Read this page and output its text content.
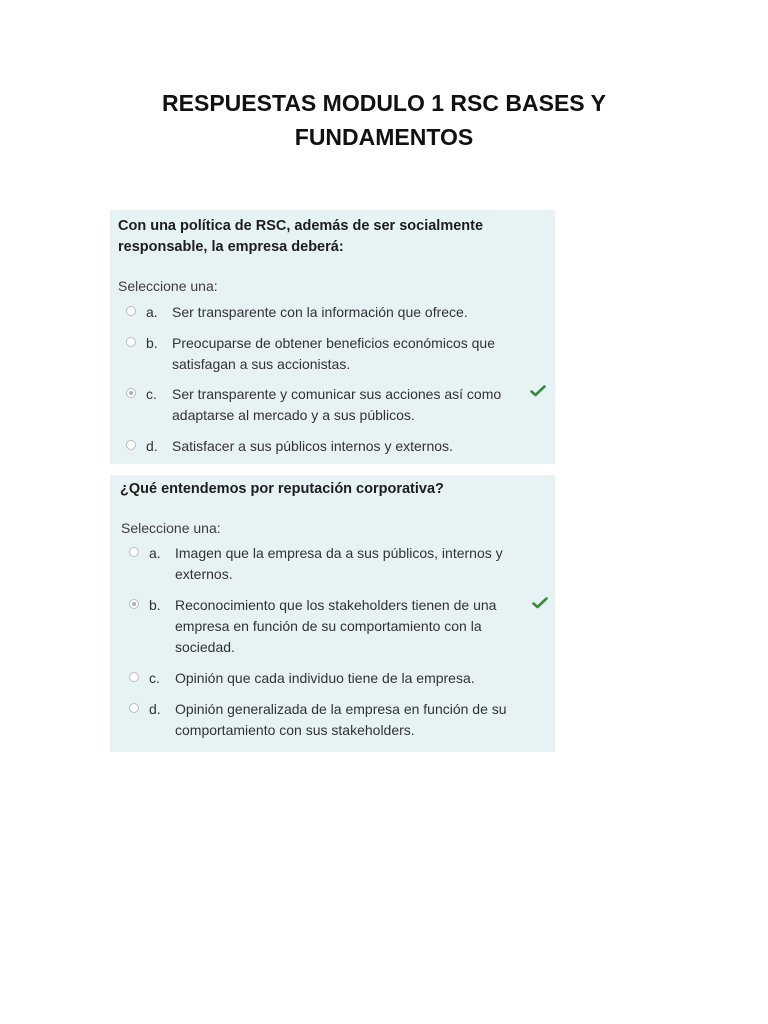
RESPUESTAS MODULO 1 RSC BASES Y FUNDAMENTOS
Con una política de RSC, además de ser socialmente responsable, la empresa deberá:
Seleccione una:
a. Ser transparente con la información que ofrece.
b. Preocuparse de obtener beneficios económicos que satisfagan a sus accionistas.
c. Ser transparente y comunicar sus acciones así como adaptarse al mercado y a sus públicos.
d. Satisfacer a sus públicos internos y externos.
¿Qué entendemos por reputación corporativa?
Seleccione una:
a. Imagen que la empresa da a sus públicos, internos y externos.
b. Reconocimiento que los stakeholders tienen de una empresa en función de su comportamiento con la sociedad.
c. Opinión que cada individuo tiene de la empresa.
d. Opinión generalizada de la empresa en función de su comportamiento con sus stakeholders.
